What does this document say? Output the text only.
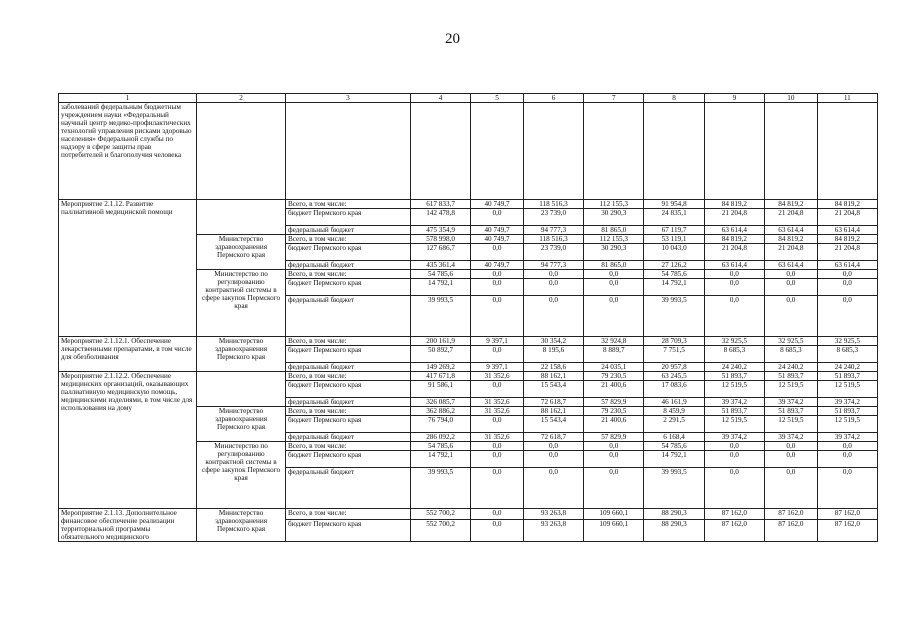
20
1	2	3	4	5	6	7	8	9	10	11
заболеваний федеральным бюджетным учреждением науки «Федеральный научный центр медико-профилактических технологий управления рисками здоровью населения» Федеральной службы по надзору в сфере защиты прав потребителей и благополучия человека										
Мероприятие 2.1.12. Развитие паллиативной медицинской помощи		Всего, в том числе:	617 833,7	40 749,7	118 516,3	112 155,3	91 954,8	84 819,2	84 819,2	84 819,2
		бюджет Пермского края	142 478,8	0,0	23 739,0	30 290,3	24 835,1	21 204,8	21 204,8	21 204,8
		федеральный бюджет	475 354,9	40 749,7	94 777,3	81 865,0	67 119,7	63 614,4	63 614,4	63 614,4
	Министерство здравоохранения Пермского края	Всего, в том числе:	578 998,0	40 749,7	118 516,3	112 155,3	53 119,1	84 819,2	84 819,2	84 819,2
		бюджет Пермского края	127 686,7	0,0	23 739,0	30 290,3	10 043,0	21 204,8	21 204,8	21 204,8
		федеральный бюджет	435 361,4	40 749,7	94 777,3	81 865,0	27 126,2	63 614,4	63 614,4	63 614,4
	Министерство по регулированию контрактной системы в сфере закупок Пермского края	Всего, в том числе:	54 785,6	0,0	0,0	0,0	54 785,6	0,0	0,0	0,0
		бюджет Пермского края	14 792,1	0,0	0,0	0,0	14 792,1	0,0	0,0	0,0
		федеральный бюджет	39 993,5	0,0	0,0	0,0	39 993,5	0,0	0,0	0,0
Мероприятие 2.1.12.1. Обеспечение лекарственными препаратами, в том числе для обезболивания	Министерство здравоохранения Пермского края	Всего, в том числе:	200 161,9	9 397,1	30 354,2	32 924,8	28 709,3	32 925,5	32 925,5	32 925,5
		бюджет Пермского края	50 892,7	0,0	8 195,6	8 889,7	7 751,5	8 685,3	8 685,3	8 685,3
		федеральный бюджет	149 269,2	9 397,1	22 158,6	24 035,1	20 957,8	24 240,2	24 240,2	24 240,2
Мероприятие 2.1.12.2. Обеспечение медицинских организаций, оказывающих паллиативную медицинскую помощь, медицинскими изделиями, в том числе для использования на дому		Всего, в том числе:	417 671,8	31 352,6	88 162,1	79 230,5	63 245,5	51 893,7	51 893,7	51 893,7
		бюджет Пермского края	91 586,1	0,0	15 543,4	21 400,6	17 083,6	12 519,5	12 519,5	12 519,5
		федеральный бюджет	326 085,7	31 352,6	72 618,7	57 829,9	46 161,9	39 374,2	39 374,2	39 374,2
	Министерство здравоохранения Пермского края	Всего, в том числе:	362 886,2	31 352,6	88 162,1	79 230,5	8 459,9	51 893,7	51 893,7	51 893,7
		бюджет Пермского края	76 794,0	0,0	15 543,4	21 400,6	2 291,5	12 519,5	12 519,5	12 519,5
		федеральный бюджет	286 092,2	31 352,6	72 618,7	57 829,9	6 168,4	39 374,2	39 374,2	39 374,2
	Министерство по регулированию контрактной системы в сфере закупок Пермского края	Всего, в том числе:	54 785,6	0,0	0,0	0,0	54 785,6	0,0	0,0	0,0
		бюджет Пермского края	14 792,1	0,0	0,0	0,0	14 792,1	0,0	0,0	0,0
		федеральный бюджет	39 993,5	0,0	0,0	0,0	39 993,5	0,0	0,0	0,0
Мероприятие 2.1.13. Дополнительное финансовое обеспечение реализации территориальной программы обязательного медицинского	Министерство здравоохранения Пермского края	Всего, в том числе:	552 700,2	0,0	93 263,8	109 660,1	88 290,3	87 162,0	87 162,0	87 162,0
		бюджет Пермского края	552 700,2	0,0	93 263,8	109 660,1	88 290,3	87 162,0	87 162,0	87 162,0
